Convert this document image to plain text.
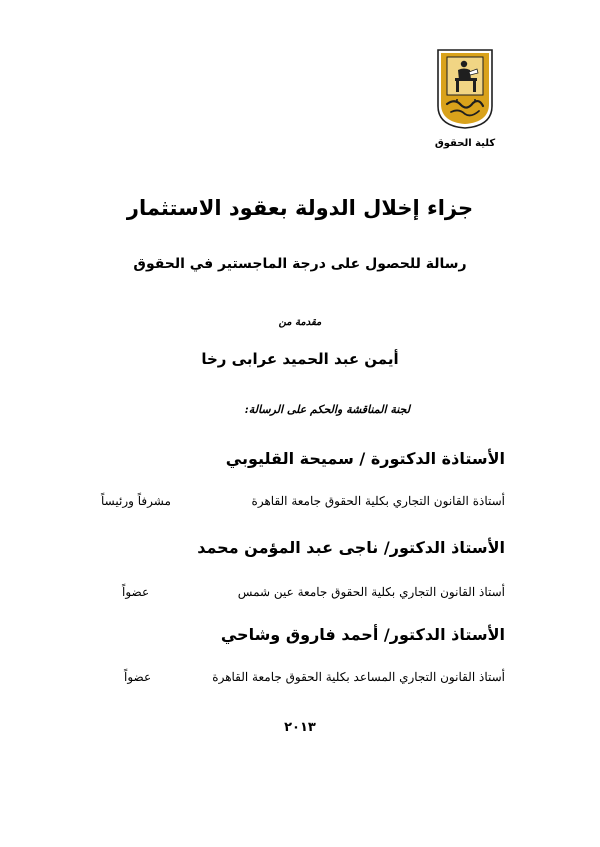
كلية الحقوق
جزاء إخلال الدولة بعقود الاستثمار
رسالة للحصول على درجة الماجستير في الحقوق
مقدمة من
أيمن عبد الحميد عرابى رخا
لجنة المناقشة والحكم على الرسالة:
الأستاذة الدكتورة / سميحة القليوبي
أستاذة القانون التجاري بكلية الحقوق جامعة القاهرة
مشرفاً ورئيساً
الأستاذ الدكتور/ ناجى عبد المؤمن محمد
أستاذ القانون التجاري بكلية الحقوق جامعة عين شمس
عضواً
الأستاذ الدكتور/ أحمد فاروق وشاحي
أستاذ القانون التجاري المساعد بكلية الحقوق جامعة القاهرة
عضواً
٢٠١٣
